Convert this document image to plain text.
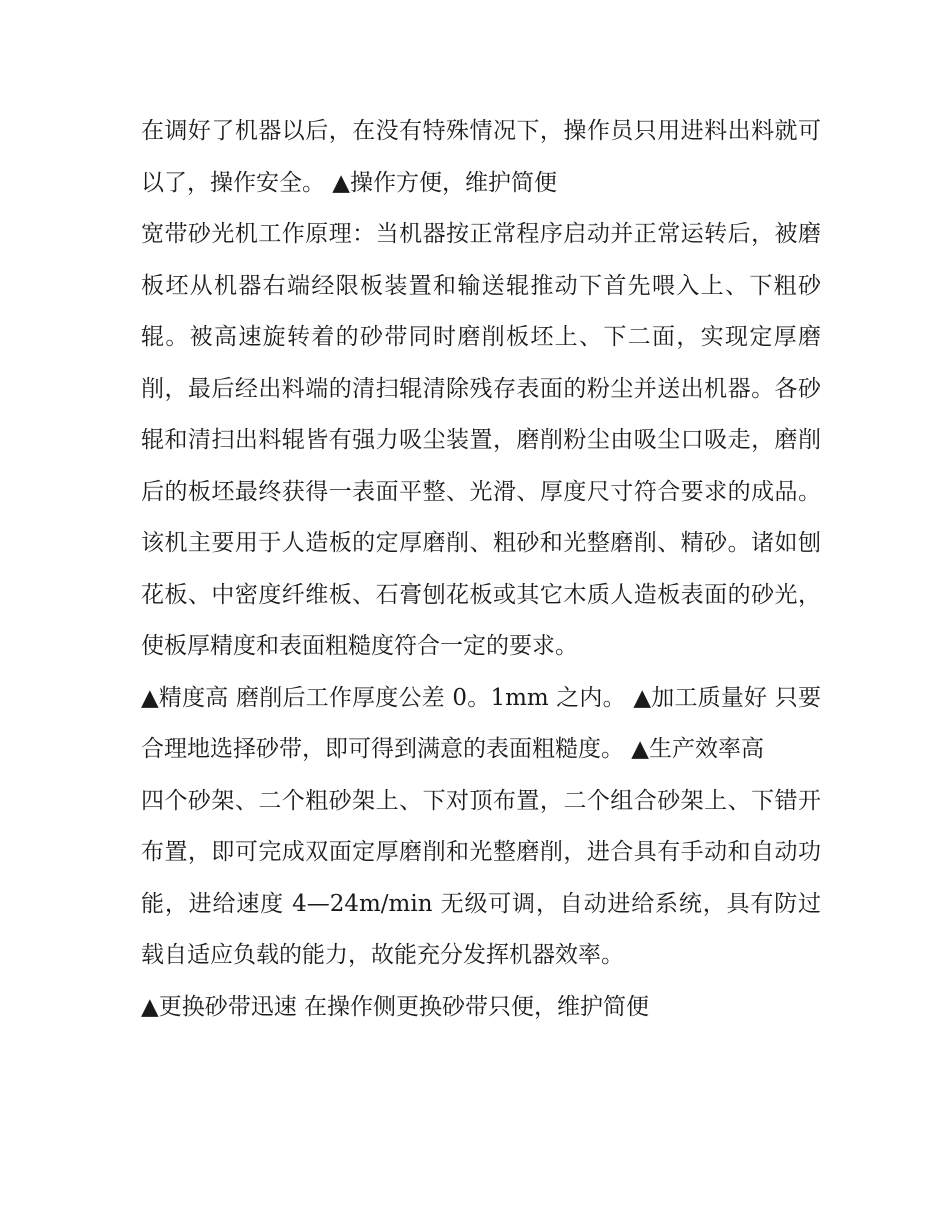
在调好了机器以后，在没有特殊情况下，操作员只用进料出料就可以了，操作安全。 ▲操作方便，维护简便

宽带砂光机工作原理：当机器按正常程序启动并正常运转后，被磨板坯从机器右端经限板装置和输送辊推动下首先喂入上、下粗砂辊。被高速旋转着的砂带同时磨削板坯上、下二面，实现定厚磨削，最后经出料端的清扫辊清除残存表面的粉尘并送出机器。各砂辊和清扫出料辊皆有强力吸尘装置，磨削粉尘由吸尘口吸走，磨削后的板坯最终获得一表面平整、光滑、厚度尺寸符合要求的成品。该机主要用于人造板的定厚磨削、粗砂和光整磨削、精砂。诸如刨花板、中密度纤维板、石膏刨花板或其它木质人造板表面的砂光，使板厚精度和表面粗糙度符合一定的要求。

▲精度高 磨削后工作厚度公差 0。1mm 之内。 ▲加工质量好 只要合理地选择砂带，即可得到满意的表面粗糙度。 ▲生产效率高

四个砂架、二个粗砂架上、下对顶布置，二个组合砂架上、下错开布置，即可完成双面定厚磨削和光整磨削，进合具有手动和自动功能，进给速度 4—24m/min 无级可调，自动进给系统，具有防过载自适应负载的能力，故能充分发挥机器效率。

▲更换砂带迅速 在操作侧更换砂带只便，维护简便
